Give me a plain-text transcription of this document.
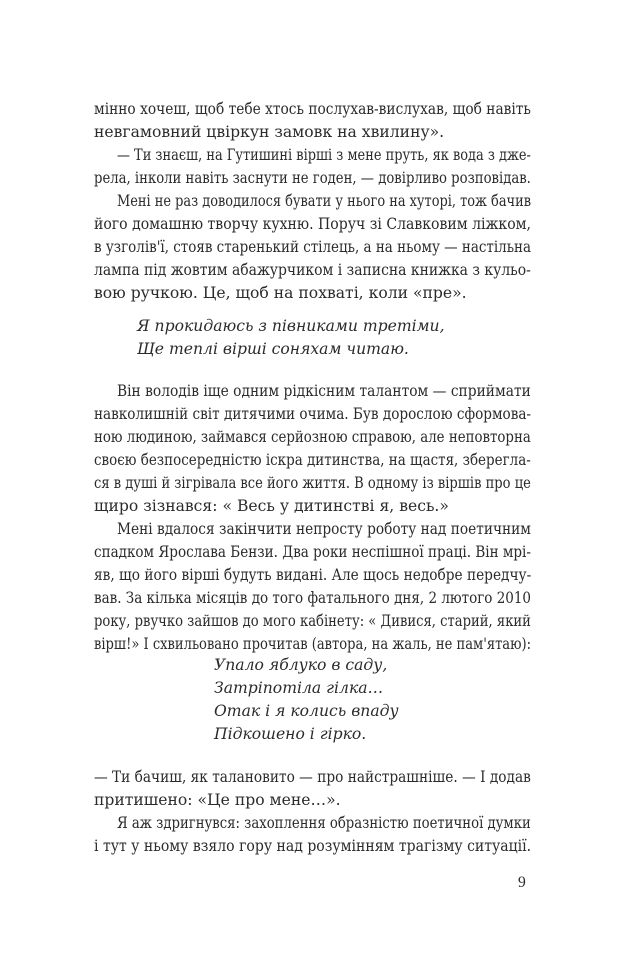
мінно хочеш, щоб тебе хтось послухав-вислухав, щоб навіть
невгамовний цвіркун замовк на хвилину».
— Ти знаєш, на Гутишині вірші з мене пруть, як вода з дже-
рела, інколи навіть заснути не годен, — довірливо розповідав.
Мені не раз доводилося бувати у нього на хуторі, тож бачив
його домашню творчу кухню. Поруч зі Славковим ліжком,
в узголів'ї, стояв старенький стілець, а на ньому — настільна
лампа під жовтим абажурчиком і записна книжка з кульо-
вою ручкою. Це, щоб на похваті, коли «пре».
Я прокидаюсь з півниками третіми,
Ще теплі вірші соняхам читаю.
Він володів іще одним рідкісним талантом — сприймати
навколишній світ дитячими очима. Був дорослою сформова-
ною людиною, займався серйозною справою, але неповторна
своєю безпосередністю іскра дитинства, на щастя, збереглa-
ся в душі й зігрівала все його життя. В одному із віршів про це
щиро зізнався: « Весь у дитинстві я, весь.»
Мені вдалося закінчити непросту роботу над поетичним
спадком Ярослава Бензи. Два роки неспішної праці. Він мрі-
яв, що його вірші будуть видані. Але щось недобре передчу-
вав. За кілька місяців до того фатального дня, 2 лютого 2010
року, рвучко зайшов до мого кабінету: « Дивися, старий, який
вірш!» І схвильовано прочитав (автора, на жаль, не пам'ятаю):
Упало яблуко в саду,
Затріпотіла гілка…
Отак і я колись впаду
Підкошено і гірко.
— Ти бачиш, як талановито — про найстрашніше. — І додав
притишено: «Це про мене…».
Я аж здригнувся: захоплення образністю поетичної думки
і тут у ньому взяло гору над розумінням трагізму ситуації.
9
